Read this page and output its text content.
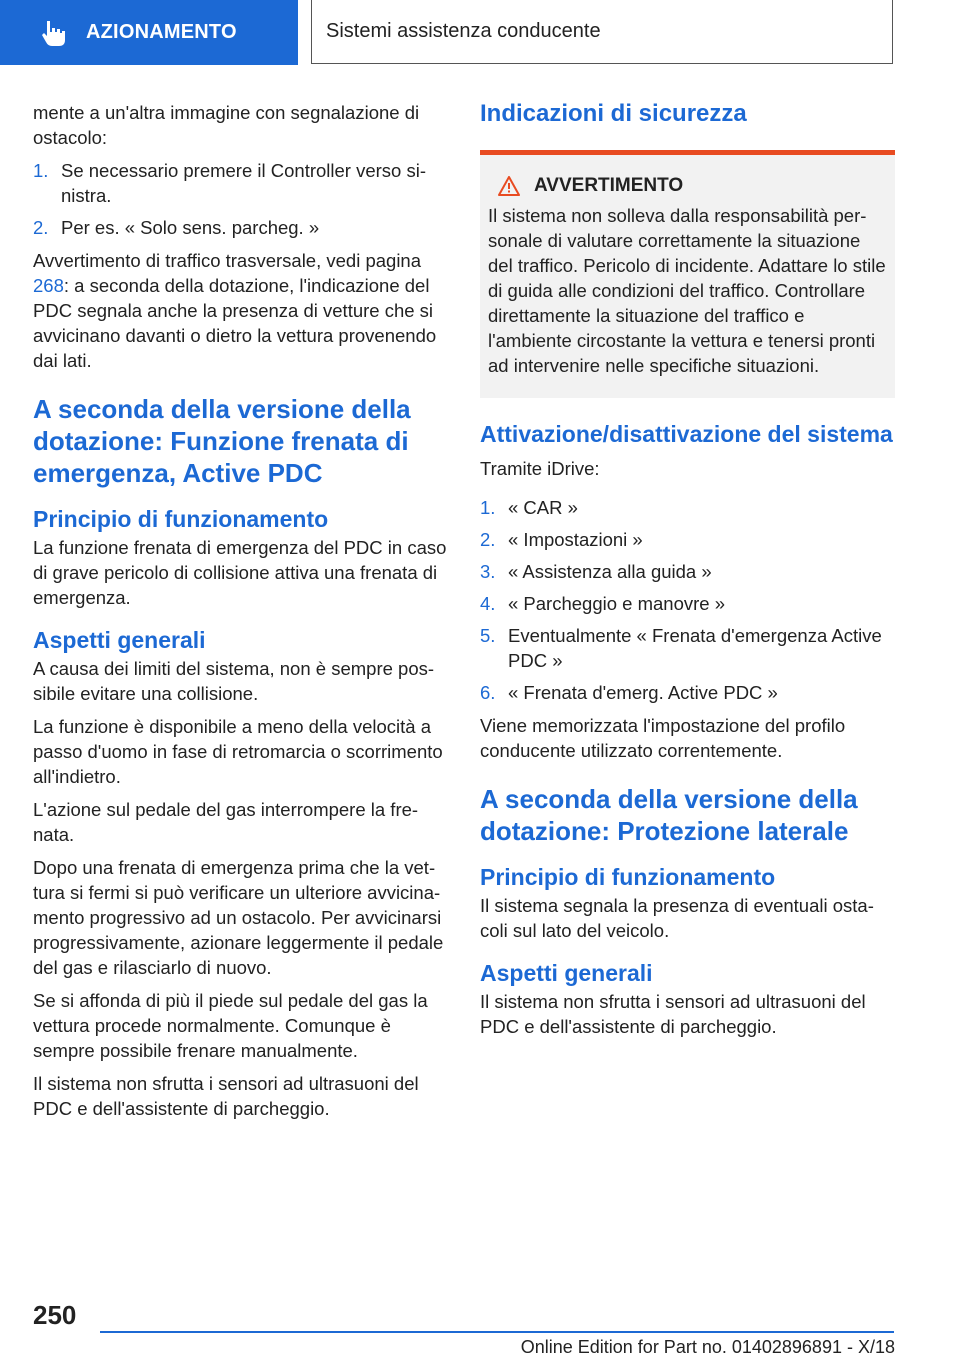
AZIONAMENTO	Sistemi assistenza conducente

mente a un'altra immagine con segnalazione di ostacolo:

1. Se necessario premere il Controller verso sinistra.
2. Per es. « Solo sens. parcheg. »

Avvertimento di traffico trasversale, vedi pagina 268: a seconda della dotazione, l'indicazione del PDC segnala anche la presenza di vetture che si avvicinano davanti o dietro la vettura provenendo dai lati.

A seconda della versione della dotazione: Funzione frenata di emergenza, Active PDC
Principio di funzionamento

La funzione frenata di emergenza del PDC in caso di grave pericolo di collisione attiva una frenata di emergenza.

Aspetti generali

A causa dei limiti del sistema, non è sempre possibile evitare una collisione.

La funzione è disponibile a meno della velocità a passo d'uomo in fase di retromarcia o scorrimento all'indietro.

L'azione sul pedale del gas interrompere la frenata.

Dopo una frenata di emergenza prima che la vettura si fermi si può verificare un ulteriore avvicinamento progressivo ad un ostacolo. Per avvicinarsi progressivamente, azionare leggermente il pedale del gas e rilasciarlo di nuovo.

Se si affonda di più il piede sul pedale del gas la vettura procede normalmente. Comunque è sempre possibile frenare manualmente.

Il sistema non sfrutta i sensori ad ultrasuoni del PDC e dell'assistente di parcheggio.

Indicazioni di sicurezza
AVVERTIMENTO

Il sistema non solleva dalla responsabilità personale di valutare correttamente la situazione del traffico. Pericolo di incidente. Adattare lo stile di guida alle condizioni del traffico. Controllare direttamente la situazione del traffico e l'ambiente circostante la vettura e tenersi pronti ad intervenire nelle specifiche situazioni.

Attivazione/disattivazione del sistema

Tramite iDrive:

1. « CAR »
2. « Impostazioni »
3. « Assistenza alla guida »
4. « Parcheggio e manovre »
5. Eventualmente « Frenata d'emergenza Active PDC »
6. « Frenata d'emerg. Active PDC »

Viene memorizzata l'impostazione del profilo conducente utilizzato correntemente.

A seconda della versione della dotazione: Protezione laterale
Principio di funzionamento

Il sistema segnala la presenza di eventuali ostacoli sul lato del veicolo.

Aspetti generali

Il sistema non sfrutta i sensori ad ultrasuoni del PDC e dell'assistente di parcheggio.

250
Online Edition for Part no. 01402896891 - X/18
